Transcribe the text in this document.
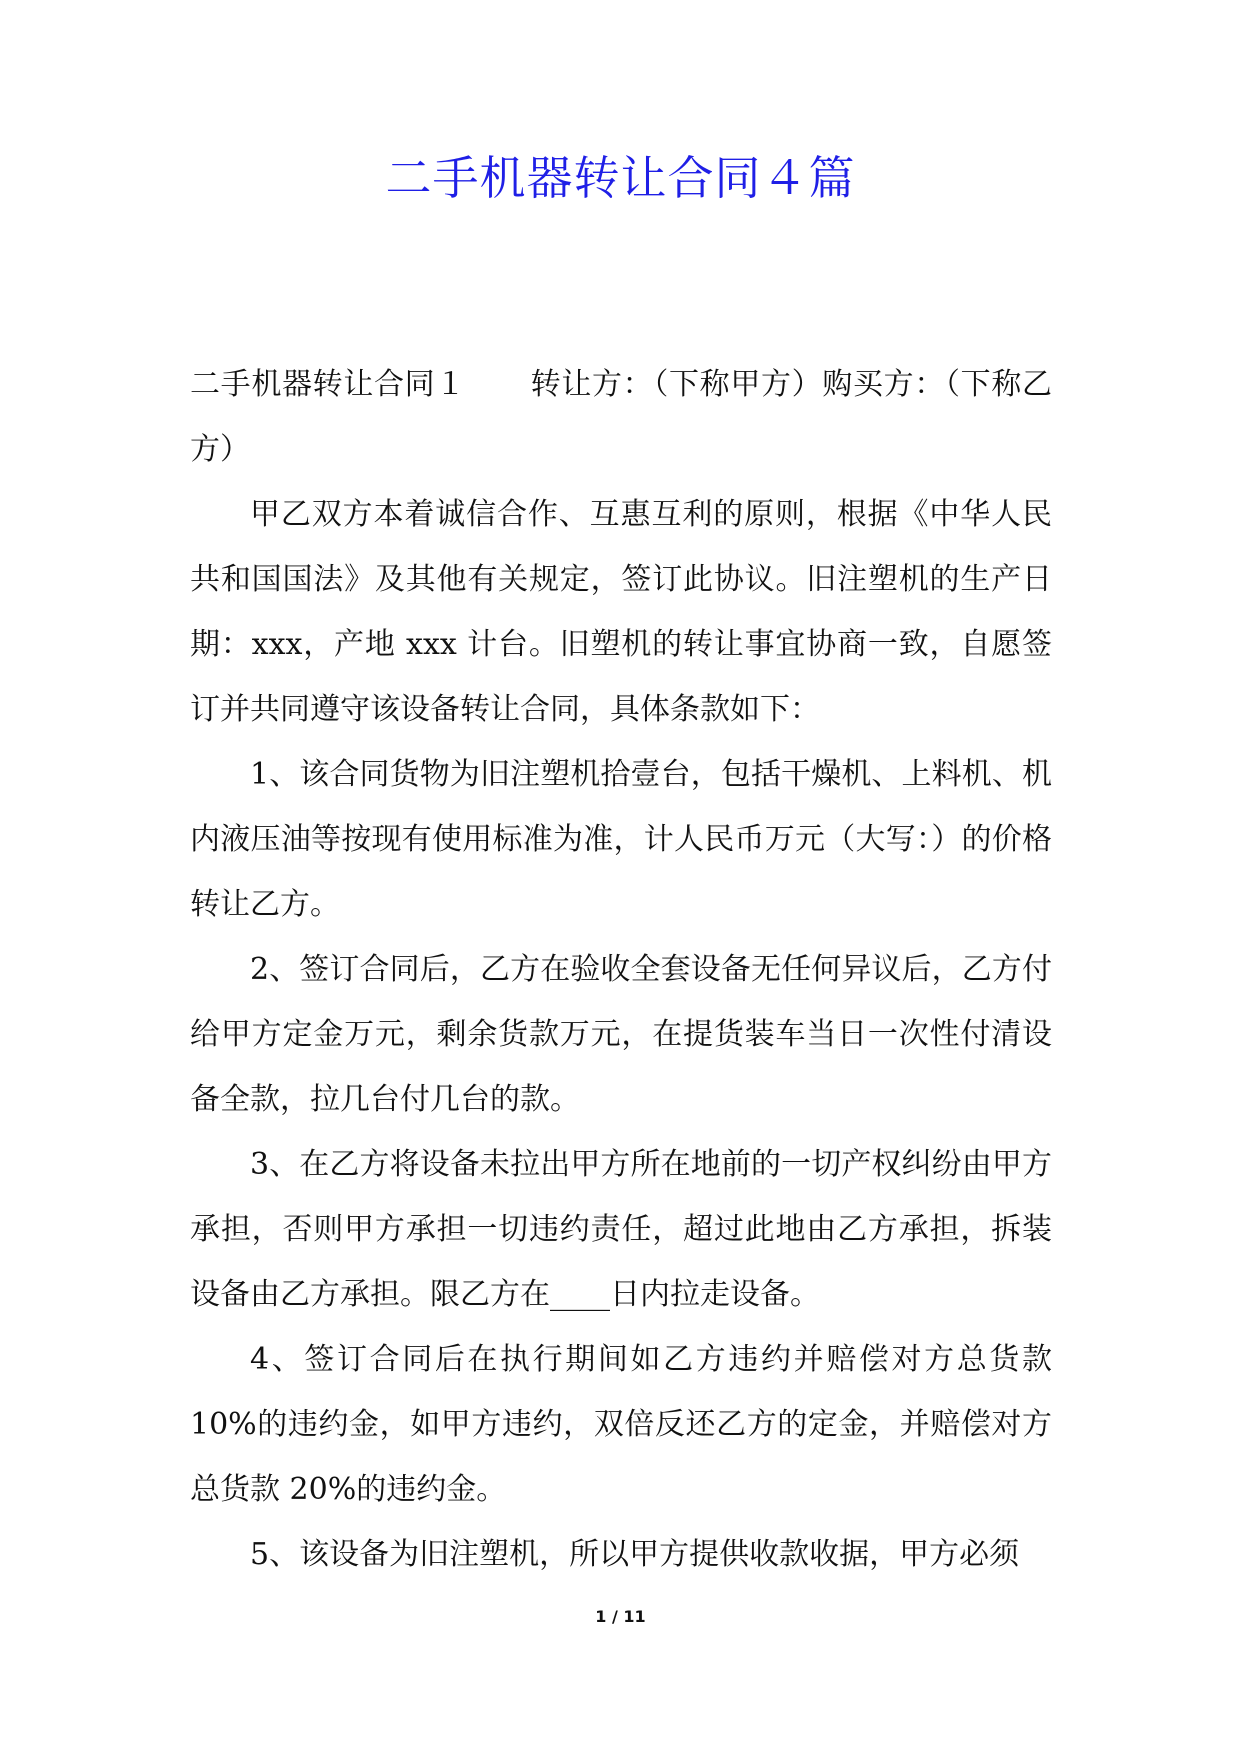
二手机器转让合同４篇

二手机器转让合同１ 转让方：（下称甲方）购买方：（下称乙方）

甲乙双方本着诚信合作、互惠互利的原则，根据《中华人民共和国国法》及其他有关规定，签订此协议。旧注塑机的生产日期：xxx，产地 xxx 计台。旧塑机的转让事宜协商一致，自愿签订并共同遵守该设备转让合同，具体条款如下：

1、该合同货物为旧注塑机拾壹台，包括干燥机、上料机、机内液压油等按现有使用标准为准，计人民币万元（大写：）的价格转让乙方。

2、签订合同后，乙方在验收全套设备无任何异议后，乙方付给甲方定金万元，剩余货款万元，在提货装车当日一次性付清设备全款，拉几台付几台的款。

3、在乙方将设备未拉出甲方所在地前的一切产权纠纷由甲方承担，否则甲方承担一切违约责任，超过此地由乙方承担，拆装设备由乙方承担。限乙方在____日内拉走设备。

4、签订合同后在执行期间如乙方违约并赔偿对方总货款 10%的违约金，如甲方违约，双倍反还乙方的定金，并赔偿对方总货款 20%的违约金。

5、该设备为旧注塑机，所以甲方提供收款收据，甲方必须

1 / 11
